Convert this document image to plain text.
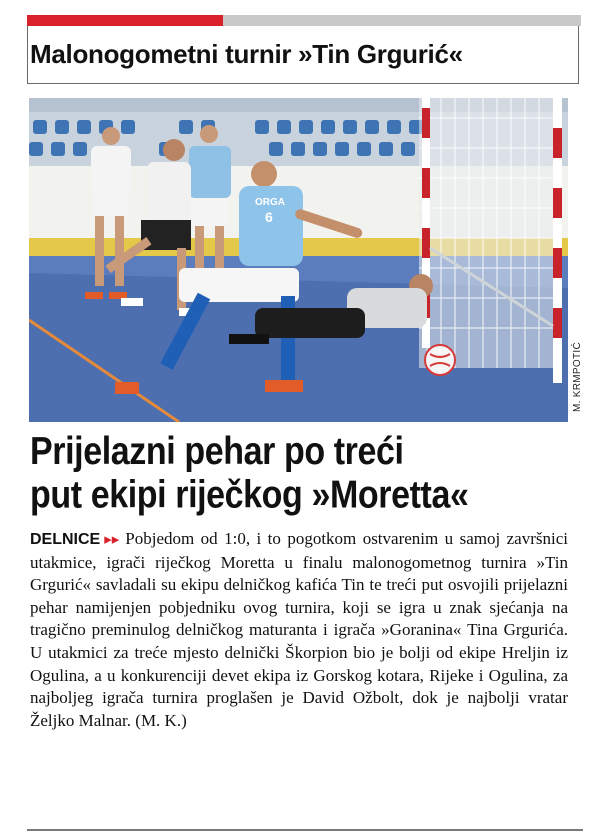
Malonogometni turnir »Tin Grgurić«
ORGA
6
M. KRMPOTIĆ
Prijelazni pehar po treći
put ekipi riječkog »Moretta«
DELNICE ▸▸ Pobjedom od 1:0, i to pogotkom ostvarenim u samoj završnici utakmice, igrači riječkog Moretta u finalu malonogometnog turnira »Tin Grgurić« savladali su ekipu delničkog kafića Tin te treći put osvojili prijelazni pehar namijenjen pobjedniku ovog turnira, koji se igra u znak sjećanja na tragično preminulog delničkog maturanta i igrača »Goranina« Tina Grgurića. U utakmici za treće mjesto delnički Škorpion bio je bolji od ekipe Hreljin iz Ogulina, a u konkurenciji devet ekipa iz Gorskog kotara, Rijeke i Ogulina, za najboljeg igrača turnira proglašen je David Ožbolt, dok je najbolji vratar Željko Malnar. (M. K.)
